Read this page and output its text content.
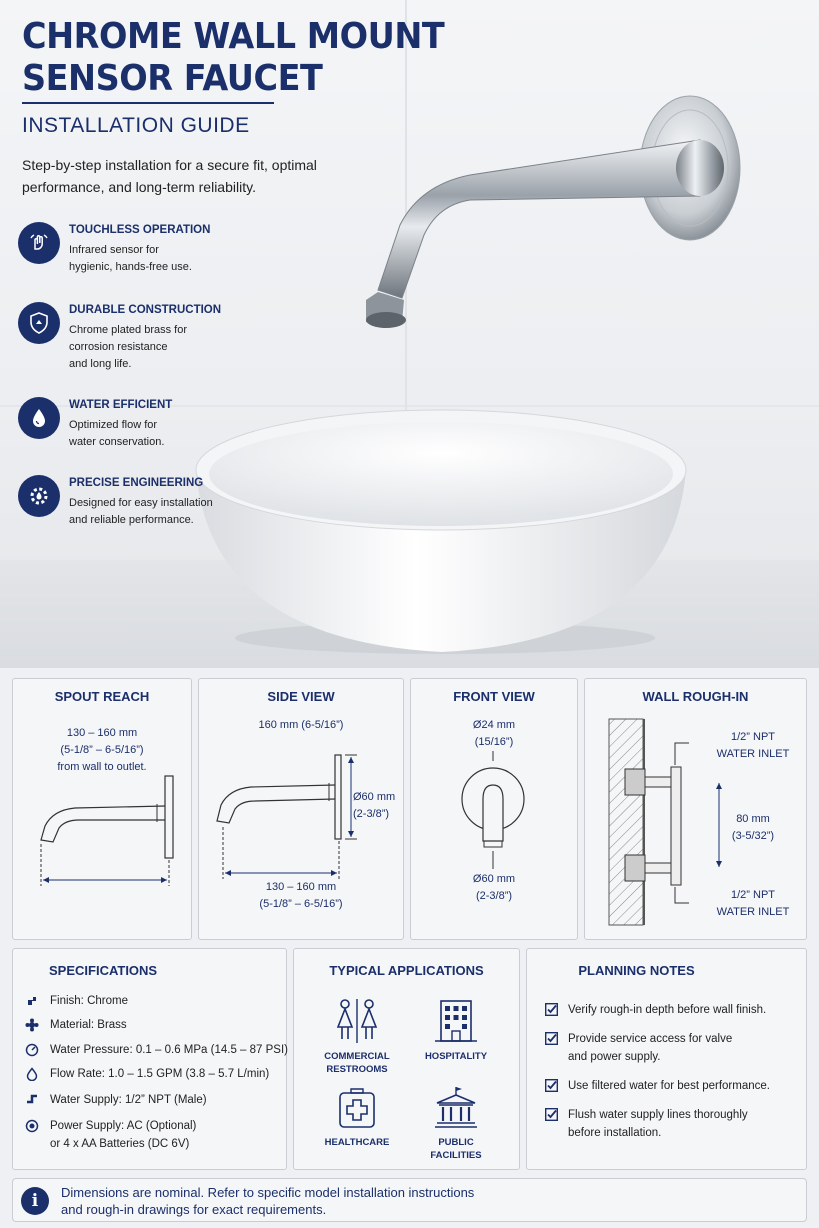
CHROME WALL MOUNT
SENSOR FAUCET
INSTALLATION GUIDE
Step-by-step installation for a secure fit, optimal performance, and long-term reliability.
TOUCHLESS OPERATION
Infrared sensor for
hygienic, hands-free use.
DURABLE CONSTRUCTION
Chrome plated brass for
corrosion resistance
and long life.
WATER EFFICIENT
Optimized flow for
water conservation.
PRECISE ENGINEERING
Designed for easy installation
and reliable performance.
SPOUT REACH
130 – 160 mm
(5-1/8” – 6-5/16”)
from wall to outlet.
SIDE VIEW
160 mm (6-5/16”)
Ø60 mm
(2-3/8”)
130 – 160 mm
(5-1/8” – 6-5/16”)
FRONT VIEW
Ø24 mm
(15/16”)
Ø60 mm
(2-3/8”)
WALL ROUGH-IN
1/2” NPT
WATER INLET
80 mm
(3-5/32”)
1/2” NPT
WATER INLET
SPECIFICATIONS
Finish: Chrome
Material: Brass
Water Pressure: 0.1 – 0.6 MPa (14.5 – 87 PSI)
Flow Rate: 1.0 – 1.5 GPM (3.8 – 5.7 L/min)
Water Supply: 1/2” NPT (Male)
Power Supply: AC (Optional)
or 4 x AA Batteries (DC 6V)
TYPICAL APPLICATIONS
COMMERCIAL
RESTROOMS
HOSPITALITY
HEALTHCARE	PUBLIC
FACILITIES
PLANNING NOTES
Verify rough-in depth before wall finish.
Provide service access for valve
and power supply.
Use filtered water for best performance.
Flush water supply lines thoroughly
before installation.
i	Dimensions are nominal. Refer to specific model installation instructions
and rough-in drawings for exact requirements.
